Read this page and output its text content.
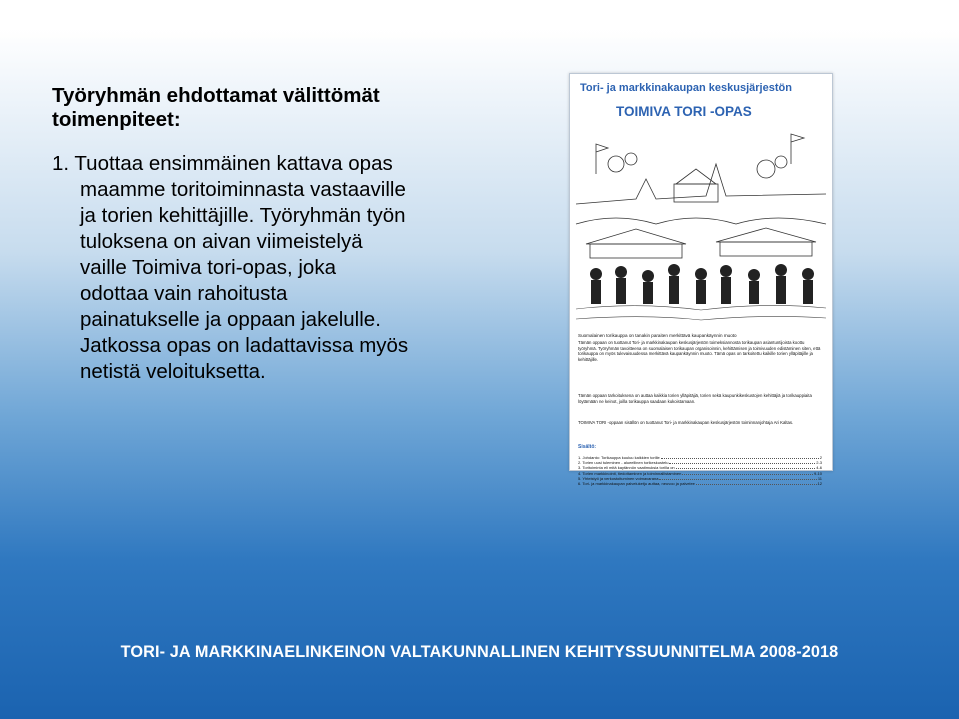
Työryhmän ehdottamat välittömät
toimenpiteet:
1. Tuottaa ensimmäinen kattava opas
maamme toritoiminnasta vastaaville
ja torien kehittäjille. Työryhmän työn
tuloksena on aivan viimeistelyä
vaille Toimiva tori-opas, joka
odottaa vain rahoitusta
painatukselle ja oppaan jakelulle.
Jatkossa opas on ladattavissa myös
netistä veloituksetta.
Tori- ja markkinakaupan keskusjärjestön
TOIMIVA TORI -OPAS
Suomalainen torikauppa on tanakin paraiten merkittävä kaupankäynnin muoto
Tämän oppaan on tuottanut Tori- ja markkinakaupan keskusjärjestön toimeksiannosta torikaupan asiantuntijoista koottu työryhmä. Työryhmän tavoitteena on suomalaisen torikaupan organisoinnin, kehittämisen ja toimivuuden edistäminen siten, että torikauppa on myös tulevaisuudessa merkittävä kaupankäynnin muoto. Tämä opas on tarkoitettu kaikille torien ylläpitäjille ja kehittäjille.
Tämän oppaan tarkoituksena on auttaa kaikkia torien ylläpitäjiä, torien sekä kaupunkikeskustojen kehittäjiä ja torikauppiaita löytämään ne keinot, joilla torikauppa saadaan kukoistamaan.
TOIMIVA TORI -oppaan sisällön on tuottanut Tori- ja markkinakaupan keskusjärjestön toiminnanjohtaja Ari Kaltas.
Sisältö:
1. Johdanto: Torikauppa kuuluu kaikkien torille	2
2. Torien uusi tuleminen - alueellinen torikeskustelu	2-3
3. Toritoiminta eli mitä kaytännön vaatimuksia torilla on	4-6
4. Torien markkinointi, tiedottaminen ja toiminnallistaminen	9-10
5. Yhteistyö ja verkostoituminen voimavarana	11
6. Tori- ja markkinakaupan palveluketju auttaa, neuvoo ja palvelee	12
TORI- JA MARKKINAELINKEINON VALTAKUNNALLINEN KEHITYSSUUNNITELMA 2008-2018
